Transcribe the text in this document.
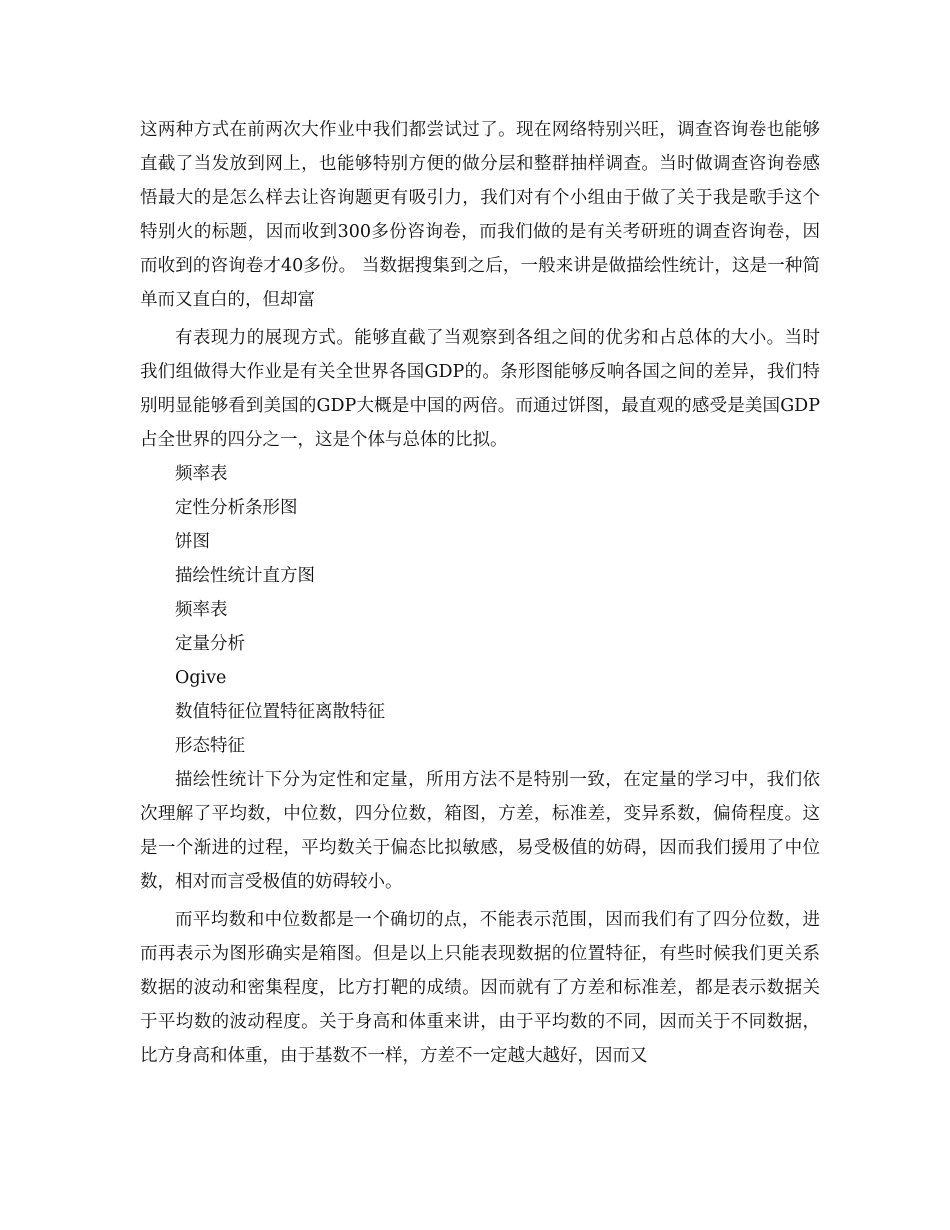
这两种方式在前两次大作业中我们都尝试过了。现在网络特别兴旺，调查咨询卷也能够直截了当发放到网上，也能够特别方便的做分层和整群抽样调查。当时做调查咨询卷感悟最大的是怎么样去让咨询题更有吸引力，我们对有个小组由于做了关于我是歌手这个特别火的标题，因而收到300多份咨询卷，而我们做的是有关考研班的调查咨询卷，因而收到的咨询卷才40多份。 当数据搜集到之后，一般来讲是做描绘性统计，这是一种简单而又直白的，但却富

有表现力的展现方式。能够直截了当观察到各组之间的优劣和占总体的大小。当时我们组做得大作业是有关全世界各国GDP的。条形图能够反响各国之间的差异，我们特别明显能够看到美国的GDP大概是中国的两倍。而通过饼图，最直观的感受是美国GDP占全世界的四分之一，这是个体与总体的比拟。

频率表
定性分析条形图
饼图
描绘性统计直方图
频率表
定量分析
Ogive
数值特征位置特征离散特征
形态特征

描绘性统计下分为定性和定量，所用方法不是特别一致，在定量的学习中，我们依次理解了平均数，中位数，四分位数，箱图，方差，标准差，变异系数，偏倚程度。这是一个渐进的过程，平均数关于偏态比拟敏感，易受极值的妨碍，因而我们援用了中位数，相对而言受极值的妨碍较小。

而平均数和中位数都是一个确切的点，不能表示范围，因而我们有了四分位数，进而再表示为图形确实是箱图。但是以上只能表现数据的位置特征，有些时候我们更关系数据的波动和密集程度，比方打靶的成绩。因而就有了方差和标准差，都是表示数据关于平均数的波动程度。关于身高和体重来讲，由于平均数的不同，因而关于不同数据，比方身高和体重，由于基数不一样，方差不一定越大越好，因而又
